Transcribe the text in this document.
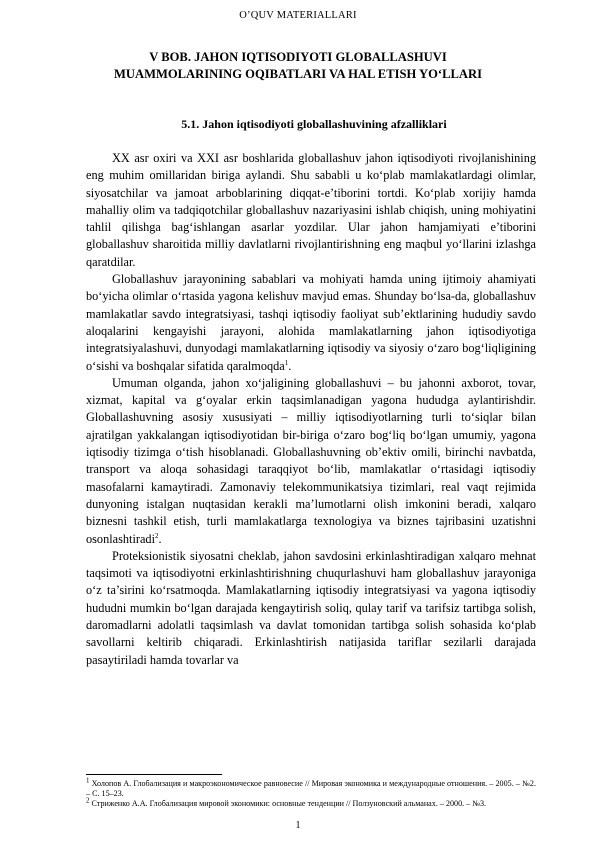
O’QUV MATERIALLARI
V BOB. JAHON IQTISODIYOTI GLOBALLASHUVI
MUAMMOLARINING OQIBATLARI VA HAL ETISH YO‘LLARI
5.1. Jahon iqtisodiyoti globallashuvining afzalliklari

XX asr oxiri va XXI asr boshlarida globallashuv jahon iqtisodiyoti rivojlanishining eng muhim omillaridan biriga aylandi. Shu sababli u ko‘plab mamlakatlardagi olimlar, siyosatchilar va jamoat arboblarining diqqat-e’tiborini tortdi. Ko‘plab xorijiy hamda mahalliy olim va tadqiqotchilar globallashuv nazariyasini ishlab chiqish, uning mohiyatini tahlil qilishga bag‘ishlangan asarlar yozdilar. Ular jahon hamjamiyati e’tiborini globallashuv sharoitida milliy davlatlarni rivojlantirishning eng maqbul yo‘llarini izlashga qaratdilar.

Globallashuv jarayonining sabablari va mohiyati hamda uning ijtimoiy ahamiyati bo‘yicha olimlar o‘rtasida yagona kelishuv mavjud emas. Shunday bo‘lsa-da, globallashuv mamlakatlar savdo integratsiyasi, tashqi iqtisodiy faoliyat sub’ektlarining hududiy savdo aloqalarini kengayishi jarayoni, alohida mamlakatlarning jahon iqtisodiyotiga integratsiyalashuvi, dunyodagi mamlakatlarning iqtisodiy va siyosiy o‘zaro bog‘liqligining o‘sishi va boshqalar sifatida qaralmoqda$^1$.

Umuman olganda, jahon xo‘jaligining globallashuvi – bu jahonni axborot, tovar, xizmat, kapital va g‘oyalar erkin taqsimlanadigan yagona hududga aylantirishdir. Globallashuvning asosiy xususiyati – milliy iqtisodiyotlarning turli to‘siqlar bilan ajratilgan yakkalangan iqtisodiyotidan bir-biriga o‘zaro bog‘liq bo‘lgan umumiy, yagona iqtisodiy tizimga o‘tish hisoblanadi. Globallashuvning ob’ektiv omili, birinchi navbatda, transport va aloqa sohasidagi taraqqiyot bo‘lib, mamlakatlar o‘rtasidagi iqtisodiy masofalarni kamaytiradi. Zamonaviy telekommunikatsiya tizimlari, real vaqt rejimida dunyoning istalgan nuqtasidan kerakli ma’lumotlarni olish imkonini beradi, xalqaro biznesni tashkil etish, turli mamlakatlarga texnologiya va biznes tajribasini uzatishni osonlashtiradi$^2$.

Proteksionistik siyosatni cheklab, jahon savdosini erkinlashtiradigan xalqaro mehnat taqsimoti va iqtisodiyotni erkinlashtirishning chuqurlashuvi ham globallashuv jarayoniga o‘z ta’sirini ko‘rsatmoqda. Mamlakatlarning iqtisodiy integratsiyasi va yagona iqtisodiy hududni mumkin bo‘lgan darajada kengaytirish soliq, qulay tarif va tarifsiz tartibga solish, daromadlarni adolatli taqsimlash va davlat tomonidan tartibga solish sohasida ko‘plab savollarni keltirib chiqaradi. Erkinlashtirish natijasida tariflar sezilarli darajada pasaytiriladi hamda tovarlar va

$^1$ Холопов А. Глобализация и макроэкономическое равновесие // Мировая экономика и международные отношения. – 2005. – №2. – С. 15–23.

$^2$ Стриженко А.А. Глобализация мировой экономики: основные тенденции // Ползуновский альманах. – 2000. – №3.

1
